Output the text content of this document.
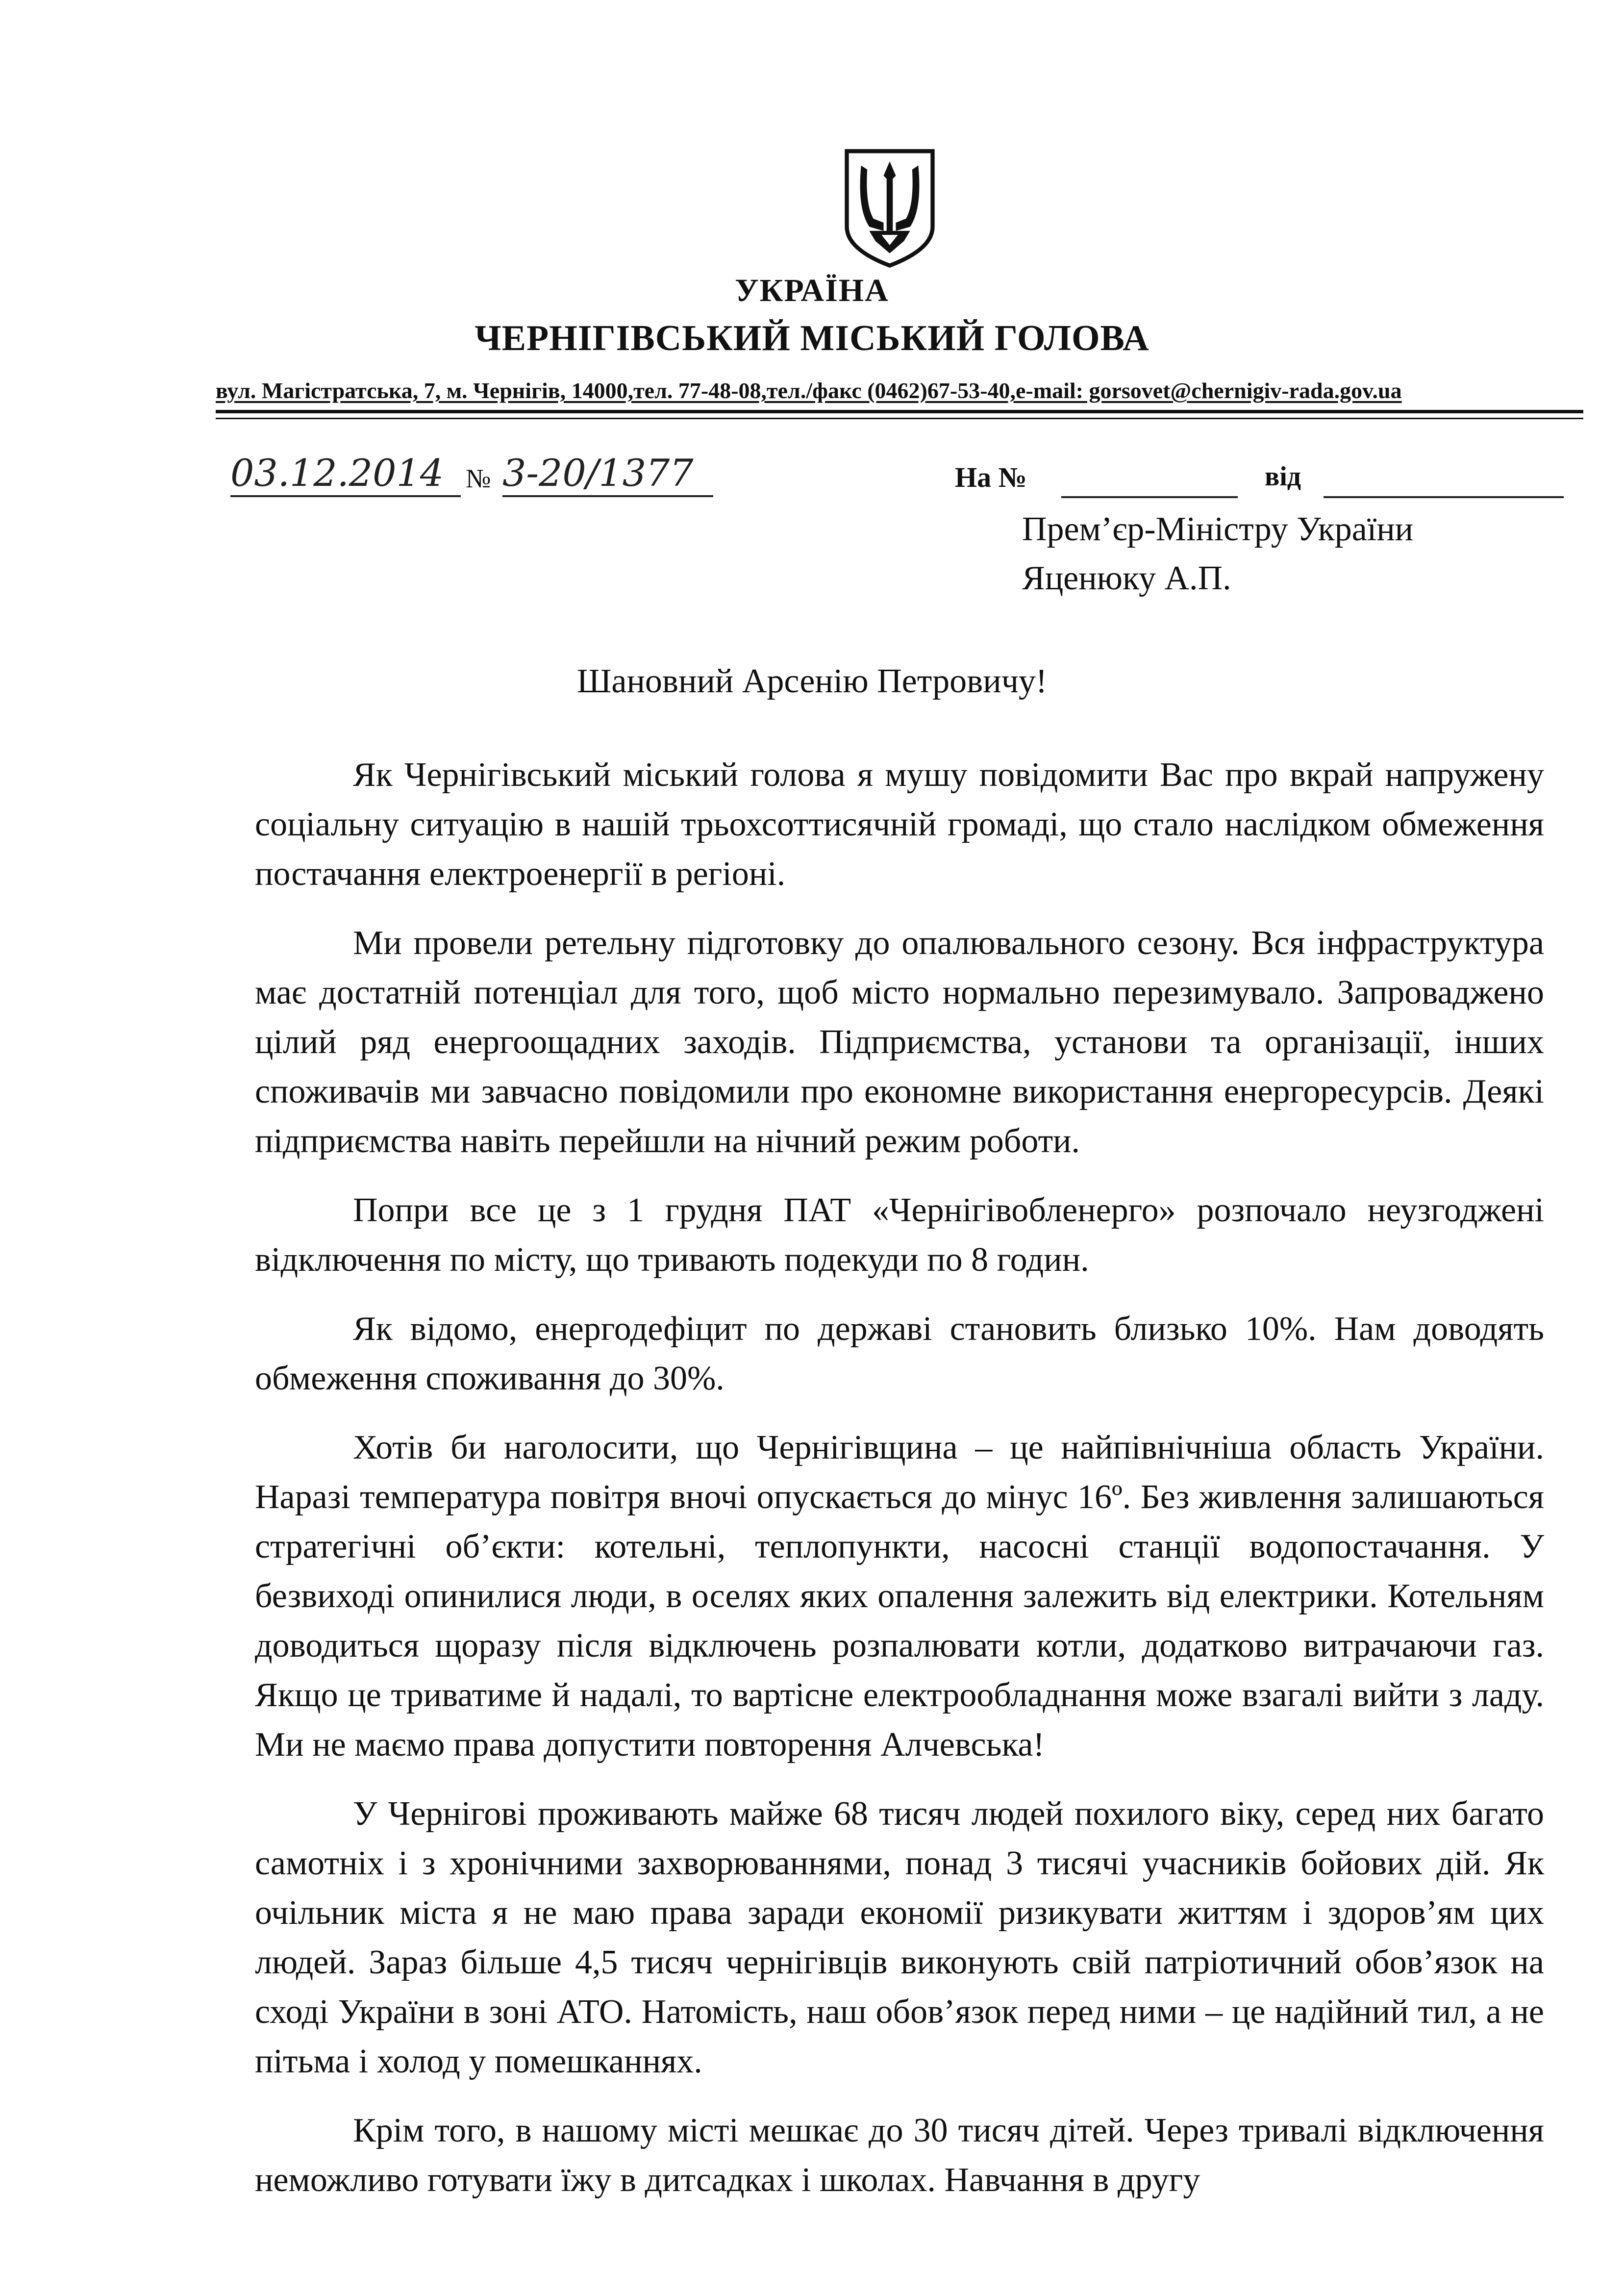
УКРАЇНА
ЧЕРНІГІВСЬКИЙ МІСЬКИЙ ГОЛОВА
вул. Магістратська, 7, м. Чернігів, 14000,тел. 77-48-08,тел./факс (0462)67-53-40,e-mail: gorsovet@chernigiv-rada.gov.ua
03.12.2014 № 3-20/1377	На №	від
Прем’єр-Міністру України
Яценюку А.П.
Шановний Арсенію Петровичу!

Як Чернігівський міський голова я мушу повідомити Вас про вкрай напружену соціальну ситуацію в нашій трьохсоттисячній громаді, що стало наслідком обмеження постачання електроенергії в регіоні.

Ми провели ретельну підготовку до опалювального сезону. Вся інфраструктура має достатній потенціал для того, щоб місто нормально перезимувало. Запроваджено цілий ряд енергоощадних заходів. Підприємства, установи та організації, інших споживачів ми завчасно повідомили про економне використання енергоресурсів. Деякі підприємства навіть перейшли на нічний режим роботи.

Попри все це з 1 грудня ПАТ «Чернігівобленерго» розпочало неузгоджені відключення по місту, що тривають подекуди по 8 годин.

Як відомо, енергодефіцит по державі становить близько 10%. Нам доводять обмеження споживання до 30%.

Хотів би наголосити, що Чернігівщина – це найпівнічніша область України. Наразі температура повітря вночі опускається до мінус 16º. Без живлення залишаються стратегічні об’єкти: котельні, теплопункти, насосні станції водопостачання. У безвиході опинилися люди, в оселях яких опалення залежить від електрики. Котельням доводиться щоразу після відключень розпалювати котли, додатково витрачаючи газ. Якщо це триватиме й надалі, то вартісне електрообладнання може взагалі вийти з ладу. Ми не маємо права допустити повторення Алчевська!

У Чернігові проживають майже 68 тисяч людей похилого віку, серед них багато самотніх і з хронічними захворюваннями, понад 3 тисячі учасників бойових дій. Як очільник міста я не маю права заради економії ризикувати життям і здоров’ям цих людей. Зараз більше 4,5 тисяч чернігівців виконують свій патріотичний обов’язок на сході України в зоні АТО. Натомість, наш обов’язок перед ними – це надійний тил, а не пітьма і холод у помешканнях.

Крім того, в нашому місті мешкає до 30 тисяч дітей. Через тривалі відключення неможливо готувати їжу в дитсадках і школах. Навчання в другу
